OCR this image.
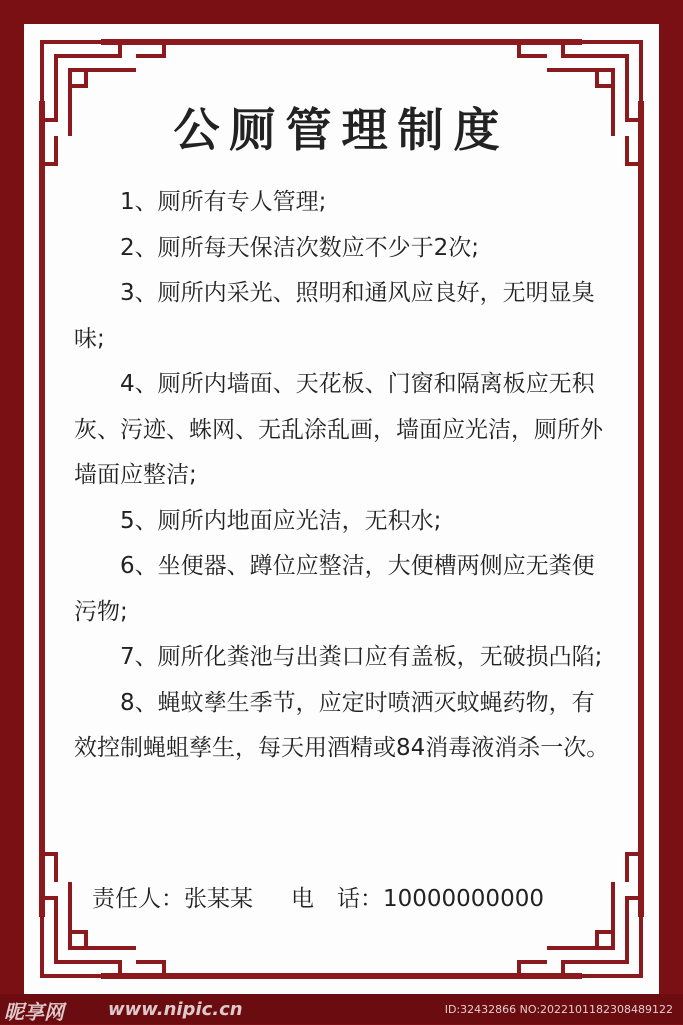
公厕管理制度

1、厕所有专人管理;

2、厕所每天保洁次数应不少于2次;

3、厕所内采光、照明和通风应良好，无明显臭味;

4、厕所内墙面、天花板、门窗和隔离板应无积灰、污迹、蛛网、无乱涂乱画，墙面应光洁，厕所外墙面应整洁;

5、厕所内地面应光洁，无积水;

6、坐便器、蹲位应整洁，大便槽两侧应无粪便污物;

7、厕所化粪池与出粪口应有盖板，无破损凸陷;

8、蝇蚊孳生季节，应定时喷洒灭蚊蝇药物，有效控制蝇蛆孳生，每天用酒精或84消毒液消杀一次。

责任人：张某某 电　话：10000000000
昵享网 www.nipic.cn	ID:32432866 NO:20221011823084891​22
